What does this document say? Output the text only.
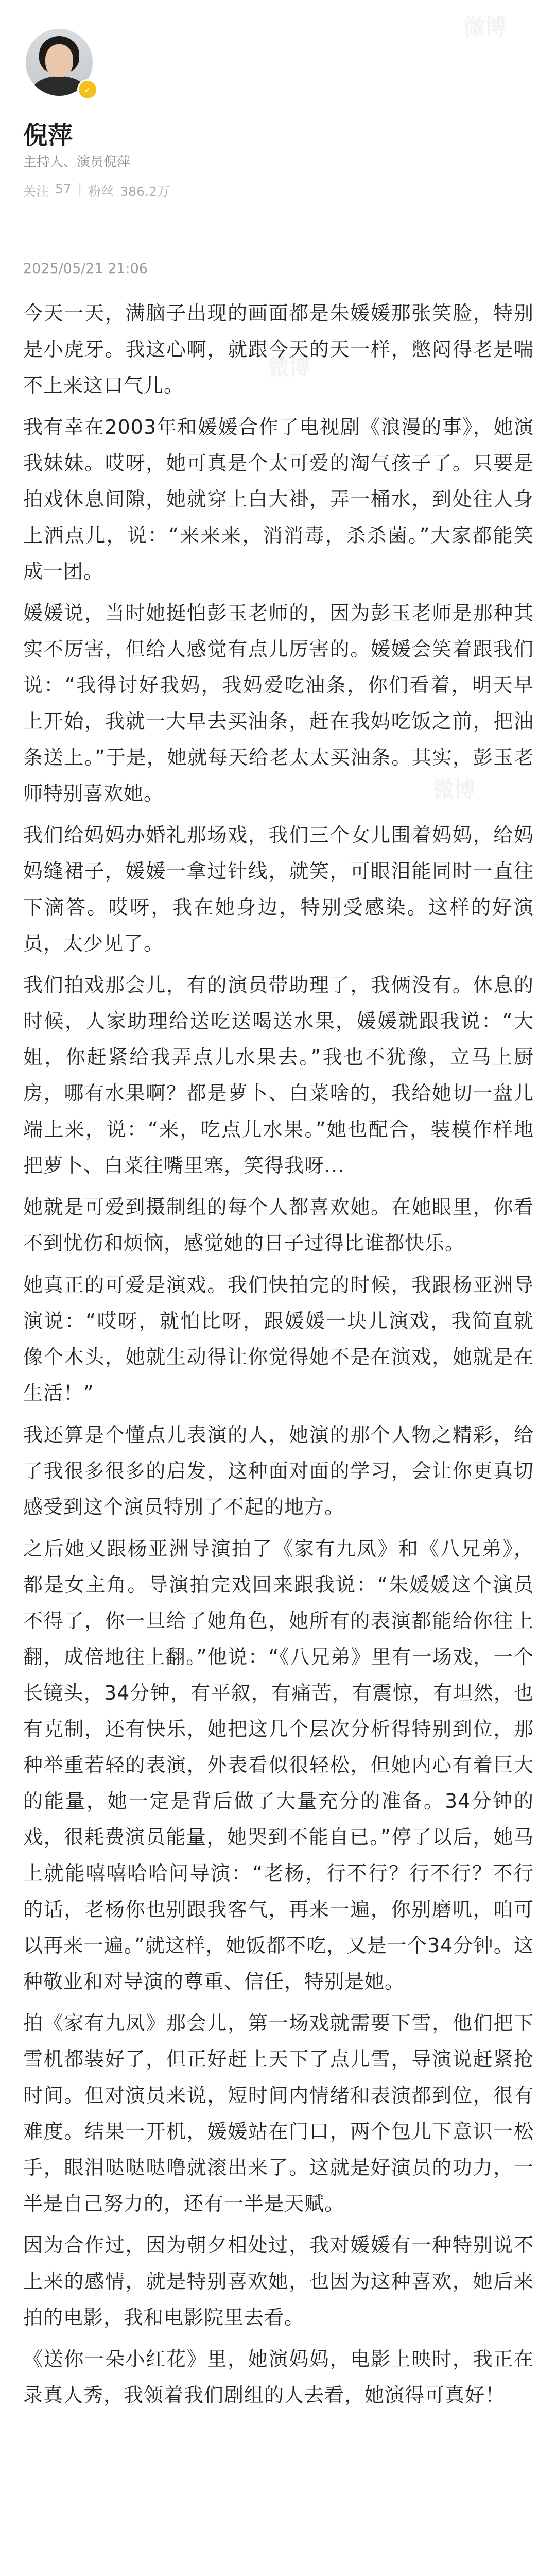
微博
微博
微博
✓
倪萍
主持人、演员倪萍
关注 57 | 粉丝 386.2万
2025/05/21 21:06

今天一天，满脑子出现的画面都是朱媛媛那张笑脸，特别是小虎牙。我这心啊，就跟今天的天一样，憋闷得老是喘不上来这口气儿。

我有幸在2003年和媛媛合作了电视剧《浪漫的事》，她演我妹妹。哎呀，她可真是个太可爱的淘气孩子了。只要是拍戏休息间隙，她就穿上白大褂，弄一桶水，到处往人身上洒点儿，说：“来来来，消消毒，杀杀菌。”大家都能笑成一团。

媛媛说，当时她挺怕彭玉老师的，因为彭玉老师是那种其实不厉害，但给人感觉有点儿厉害的。媛媛会笑着跟我们说：“我得讨好我妈，我妈爱吃油条，你们看着，明天早上开始，我就一大早去买油条，赶在我妈吃饭之前，把油条送上。”于是，她就每天给老太太买油条。其实，彭玉老师特别喜欢她。

我们给妈妈办婚礼那场戏，我们三个女儿围着妈妈，给妈妈缝裙子，媛媛一拿过针线，就笑，可眼泪能同时一直往下滴答。哎呀，我在她身边，特别受感染。这样的好演员，太少见了。

我们拍戏那会儿，有的演员带助理了，我俩没有。休息的时候，人家助理给送吃送喝送水果，媛媛就跟我说：“大姐，你赶紧给我弄点儿水果去。”我也不犹豫，立马上厨房，哪有水果啊？都是萝卜、白菜啥的，我给她切一盘儿端上来，说：“来，吃点儿水果。”她也配合，装模作样地把萝卜、白菜往嘴里塞，笑得我呀...

她就是可爱到摄制组的每个人都喜欢她。在她眼里，你看不到忧伤和烦恼，感觉她的日子过得比谁都快乐。

她真正的可爱是演戏。我们快拍完的时候，我跟杨亚洲导演说：“哎呀，就怕比呀，跟媛媛一块儿演戏，我简直就像个木头，她就生动得让你觉得她不是在演戏，她就是在生活！”

我还算是个懂点儿表演的人，她演的那个人物之精彩，给了我很多很多的启发，这种面对面的学习，会让你更真切感受到这个演员特别了不起的地方。

之后她又跟杨亚洲导演拍了《家有九凤》和《八兄弟》，都是女主角。导演拍完戏回来跟我说：“朱媛媛这个演员不得了，你一旦给了她角色，她所有的表演都能给你往上翻，成倍地往上翻。”他说：“《八兄弟》里有一场戏，一个长镜头，34分钟，有平叙，有痛苦，有震惊，有坦然，也有克制，还有快乐，她把这几个层次分析得特别到位，那种举重若轻的表演，外表看似很轻松，但她内心有着巨大的能量，她一定是背后做了大量充分的准备。34分钟的戏，很耗费演员能量，她哭到不能自已。”停了以后，她马上就能嘻嘻哈哈问导演：“老杨，行不行？行不行？不行的话，老杨你也别跟我客气，再来一遍，你别磨叽，咱可以再来一遍。”就这样，她饭都不吃，又是一个34分钟。这种敬业和对导演的尊重、信任，特别是她。

拍《家有九凤》那会儿，第一场戏就需要下雪，他们把下雪机都装好了，但正好赶上天下了点儿雪，导演说赶紧抢时间。但对演员来说，短时间内情绪和表演都到位，很有难度。结果一开机，媛媛站在门口，两个包儿下意识一松手，眼泪哒哒哒噜就滚出来了。这就是好演员的功力，一半是自己努力的，还有一半是天赋。

因为合作过，因为朝夕相处过，我对媛媛有一种特别说不上来的感情，就是特别喜欢她，也因为这种喜欢，她后来拍的电影，我和电影院里去看。

《送你一朵小红花》里，她演妈妈，电影上映时，我正在录真人秀，我领着我们剧组的人去看，她演得可真好！
